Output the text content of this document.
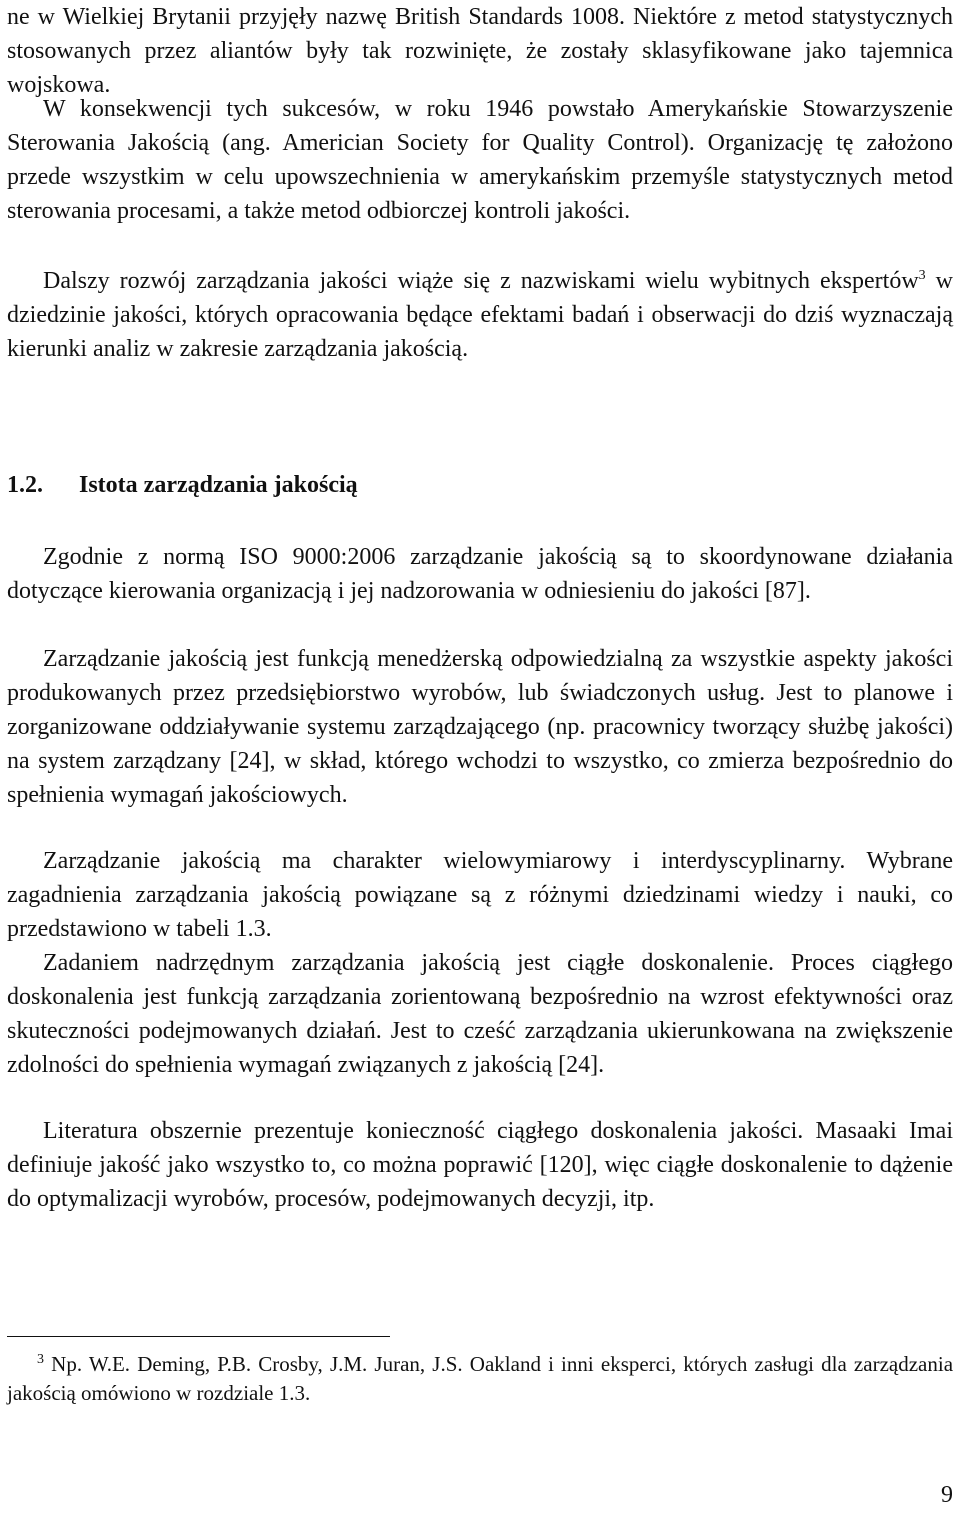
ne w Wielkiej Brytanii przyjęły nazwę British Standards 1008. Niektóre z metod statystycznych stosowanych przez aliantów były tak rozwinięte, że zostały sklasyfikowane jako tajemnica wojskowa.

W konsekwencji tych sukcesów, w roku 1946 powstało Amerykańskie Stowarzyszenie Sterowania Jakością (ang. Americian Society for Quality Control). Organizację tę założono przede wszystkim w celu upowszechnienia w amerykańskim przemyśle statystycznych metod sterowania procesami, a także metod odbiorczej kontroli jakości.

Dalszy rozwój zarządzania jakości wiąże się z nazwiskami wielu wybitnych ekspertów$^3$ w dziedzinie jakości, których opracowania będące efektami badań i obserwacji do dziś wyznaczają kierunki analiz w zakresie zarządzania jakością.

1.2.	Istota zarządzania jakością

Zgodnie z normą ISO 9000:2006 zarządzanie jakością są to skoordynowane działania dotyczące kierowania organizacją i jej nadzorowania w odniesieniu do jakości [87].

Zarządzanie jakością jest funkcją menedżerską odpowiedzialną za wszystkie aspekty jakości produkowanych przez przedsiębiorstwo wyrobów, lub świadczonych usług. Jest to planowe i zorganizowane oddziaływanie systemu zarządzającego (np. pracownicy tworzący służbę jakości) na system zarządzany [24], w skład, którego wchodzi to wszystko, co zmierza bezpośrednio do spełnienia wymagań jakościowych.

Zarządzanie jakością ma charakter wielowymiarowy i interdyscyplinarny. Wybrane zagadnienia zarządzania jakością powiązane są z różnymi dziedzinami wiedzy i nauki, co przedstawiono w tabeli 1.3.

Zadaniem nadrzędnym zarządzania jakością jest ciągłe doskonalenie. Proces ciągłego doskonalenia jest funkcją zarządzania zorientowaną bezpośrednio na wzrost efektywności oraz skuteczności podejmowanych działań. Jest to cześć zarządzania ukierunkowana na zwiększenie zdolności do spełnienia wymagań związanych z jakością [24].

Literatura obszernie prezentuje konieczność ciągłego doskonalenia jakości. Masaaki Imai definiuje jakość jako wszystko to, co można poprawić [120], więc ciągłe doskonalenie to dążenie do optymalizacji wyrobów, procesów, podejmowanych decyzji, itp.

$^3$ Np. W.E. Deming, P.B. Crosby, J.M. Juran, J.S. Oakland i inni eksperci, których zasługi dla zarządzania jakością omówiono w rozdziale 1.3.

9
